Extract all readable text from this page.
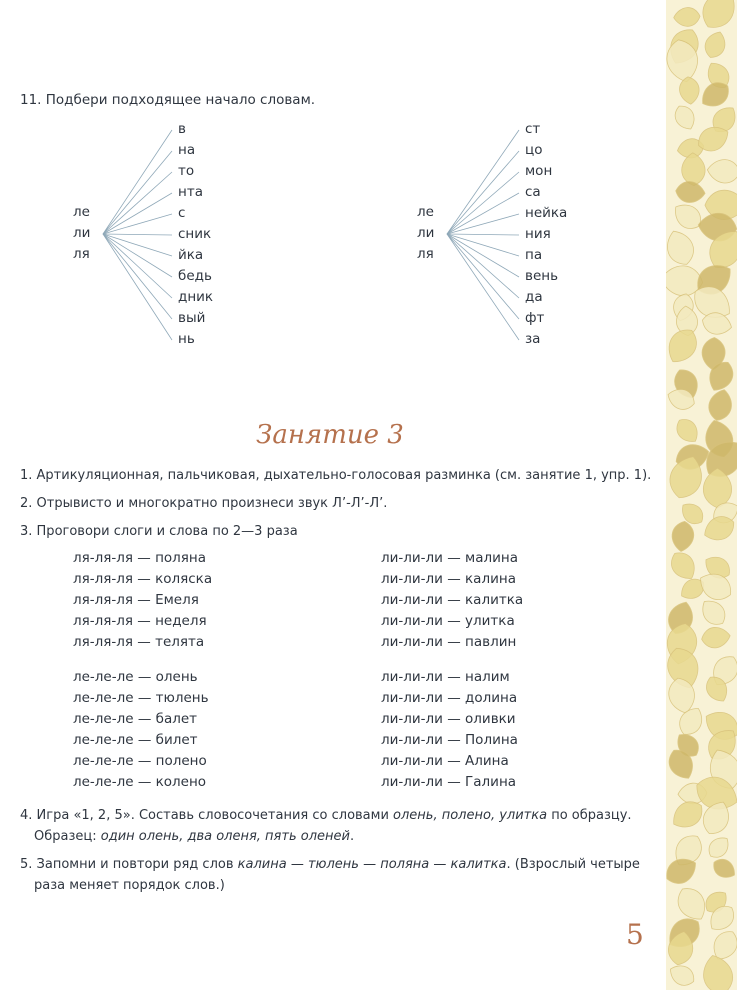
11. Подбери подходящее начало словам.
ле
ли
ля
в
на
то
нта
с
сник
йка
бедь
дник
вый
нь
ле
ли
ля
ст
цо
мон
са
нейка
ния
па
вень
да
фт
за
Занятие 3
1. Артикуляционная, пальчиковая, дыхательно-голосовая разминка (см. занятие 1, упр. 1).
2. Отрывисто и многократно произнеси звук Л’-Л’-Л’.
3. Проговори слоги и слова по 2—3 раза
ля-ля-ля — поляна
ля-ля-ля — коляска
ля-ля-ля — Емеля
ля-ля-ля — неделя
ля-ля-ля — телята
ли-ли-ли — малина
ли-ли-ли — калина
ли-ли-ли — калитка
ли-ли-ли — улитка
ли-ли-ли — павлин
ле-ле-ле — олень
ле-ле-ле — тюлень
ле-ле-ле — балет
ле-ле-ле — билет
ле-ле-ле — полено
ле-ле-ле — колено
ли-ли-ли — налим
ли-ли-ли — долина
ли-ли-ли — оливки
ли-ли-ли — Полина
ли-ли-ли — Алина
ли-ли-ли — Галина
4. Игра «1, 2, 5». Составь словосочетания со словами олень, полено, улитка по образцу.
Образец: один олень, два оленя, пять оленей.
5. Запомни и повтори ряд слов калина — тюлень — поляна — калитка. (Взрослый четыре
раза меняет порядок слов.)
5
